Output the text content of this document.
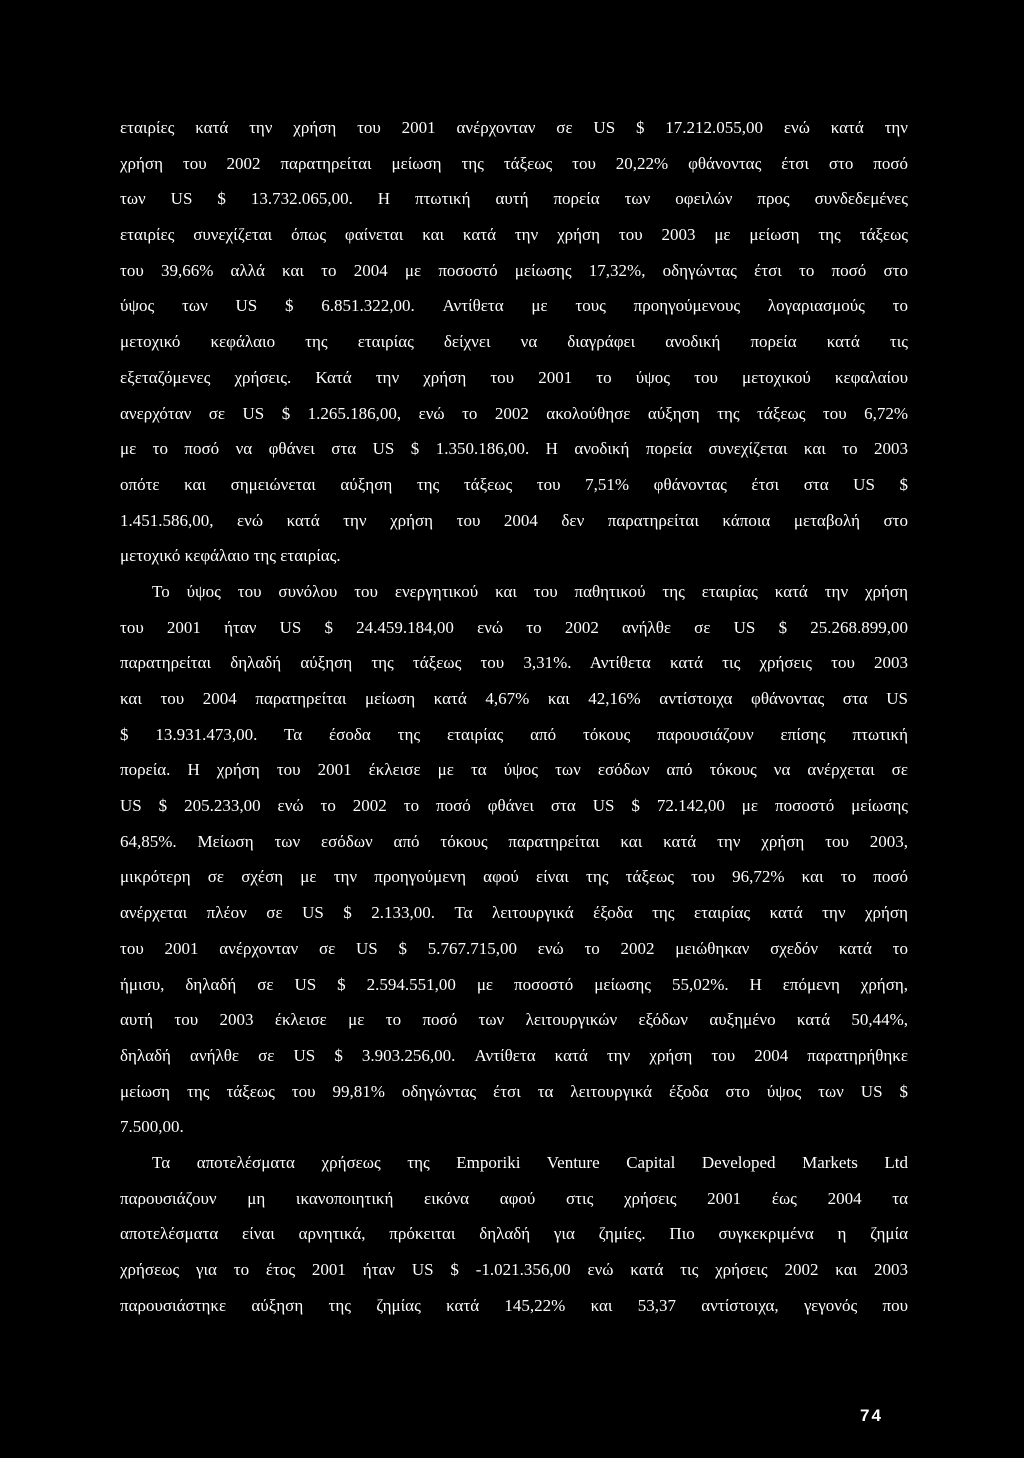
εταιρίες κατά την χρήση του 2001 ανέρχονταν σε US $ 17.212.055,00 ενώ κατά την
χρήση του 2002 παρατηρείται μείωση της τάξεως του 20,22% φθάνοντας έτσι στο ποσό
των US $ 13.732.065,00. Η πτωτική αυτή πορεία των οφειλών προς συνδεδεμένες
εταιρίες συνεχίζεται όπως φαίνεται και κατά την χρήση του 2003 με μείωση της τάξεως
του 39,66% αλλά και το 2004 με ποσοστό μείωσης 17,32%, οδηγώντας έτσι το ποσό στο
ύψος των US $ 6.851.322,00. Αντίθετα με τους προηγούμενους λογαριασμούς το
μετοχικό κεφάλαιο της εταιρίας δείχνει να διαγράφει ανοδική πορεία κατά τις
εξεταζόμενες χρήσεις. Κατά την χρήση του 2001 το ύψος του μετοχικού κεφαλαίου
ανερχόταν σε US $ 1.265.186,00, ενώ το 2002 ακολούθησε αύξηση της τάξεως του 6,72%
με το ποσό να φθάνει στα US $ 1.350.186,00. Η ανοδική πορεία συνεχίζεται και το 2003
οπότε και σημειώνεται αύξηση της τάξεως του 7,51% φθάνοντας έτσι στα US $
1.451.586,00, ενώ κατά την χρήση του 2004 δεν παρατηρείται κάποια μεταβολή στο
μετοχικό κεφάλαιο της εταιρίας.
Το ύψος του συνόλου του ενεργητικού και του παθητικού της εταιρίας κατά την χρήση
του 2001 ήταν US $ 24.459.184,00 ενώ το 2002 ανήλθε σε US $ 25.268.899,00
παρατηρείται δηλαδή αύξηση της τάξεως του 3,31%. Αντίθετα κατά τις χρήσεις του 2003
και του 2004 παρατηρείται μείωση κατά 4,67% και 42,16% αντίστοιχα φθάνοντας στα US
$ 13.931.473,00. Τα έσοδα της εταιρίας από τόκους παρουσιάζουν επίσης πτωτική
πορεία. Η χρήση του 2001 έκλεισε με τα ύψος των εσόδων από τόκους να ανέρχεται σε
US $ 205.233,00 ενώ το 2002 το ποσό φθάνει στα US $ 72.142,00 με ποσοστό μείωσης
64,85%. Μείωση των εσόδων από τόκους παρατηρείται και κατά την χρήση του 2003,
μικρότερη σε σχέση με την προηγούμενη αφού είναι της τάξεως του 96,72% και το ποσό
ανέρχεται πλέον σε US $ 2.133,00. Τα λειτουργικά έξοδα της εταιρίας κατά την χρήση
του 2001 ανέρχονταν σε US $ 5.767.715,00 ενώ το 2002 μειώθηκαν σχεδόν κατά το
ήμισυ, δηλαδή σε US $ 2.594.551,00 με ποσοστό μείωσης 55,02%. Η επόμενη χρήση,
αυτή του 2003 έκλεισε με το ποσό των λειτουργικών εξόδων αυξημένο κατά 50,44%,
δηλαδή ανήλθε σε US $ 3.903.256,00. Αντίθετα κατά την χρήση του 2004 παρατηρήθηκε
μείωση της τάξεως του 99,81% οδηγώντας έτσι τα λειτουργικά έξοδα στο ύψος των US $
7.500,00.
Τα αποτελέσματα χρήσεως της Emporiki Venture Capital Developed Markets Ltd
παρουσιάζουν μη ικανοποιητική εικόνα αφού στις χρήσεις 2001 έως 2004 τα
αποτελέσματα είναι αρνητικά, πρόκειται δηλαδή για ζημίες. Πιο συγκεκριμένα η ζημία
χρήσεως για το έτος 2001 ήταν US $ -1.021.356,00 ενώ κατά τις χρήσεις 2002 και 2003
παρουσιάστηκε αύξηση της ζημίας κατά 145,22% και 53,37 αντίστοιχα, γεγονός που
74
